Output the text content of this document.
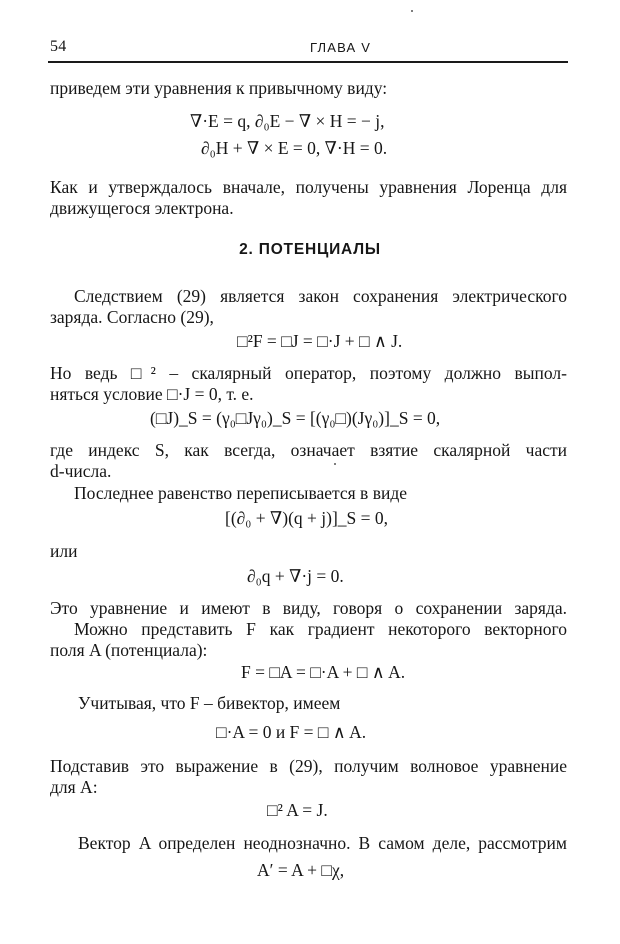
54	ГЛАВА V
приведем эти уравнения к привычному виду:
∇·E = q, ∂₀E − ∇ × H = − j,
∂₀H + ∇ × E = 0, ∇·H = 0.
Как и утверждалось вначале, получены уравнения Лоренца для
движущегося электрона.
2. ПОТЕНЦИАЛЫ
Следствием (29) является закон сохранения электрического
заряда. Согласно (29),
□²F = □J = □·J + □ ∧ J.
Но ведь □² – скалярный оператор, поэтому должно выпол-
няться условие □·J = 0, т. е.
(□J)_S = (γ₀□Jγ₀)_S = [(γ₀□)(Jγ₀)]_S = 0,
где индекс S, как всегда, означает взятие скалярной части
d-числа.
Последнее равенство переписывается в виде
[(∂₀ + ∇)(q + j)]_S = 0,
или
∂₀q + ∇·j = 0.
Это уравнение и имеют в виду, говоря о сохранении заряда.
Можно представить F как градиент некоторого векторного
поля A (потенциала):
F = □A = □·A + □ ∧ A.
Учитывая, что F – бивектор, имеем
□·A = 0 и F = □ ∧ A.
Подставив это выражение в (29), получим волновое уравнение
для A:
□² A = J.
Вектор A определен неоднозначно. В самом деле, рассмотрим
A′ = A + □χ,
